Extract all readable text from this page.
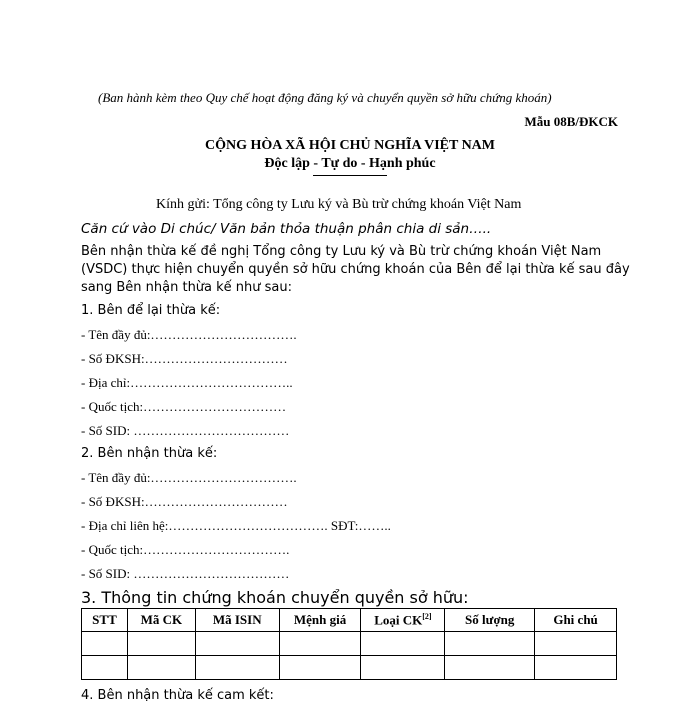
(Ban hành kèm theo Quy chế hoạt động đăng ký và chuyển quyền sở hữu chứng khoán)
Mẫu 08B/ĐKCK
CỘNG HÒA XÃ HỘI CHỦ NGHĨA VIỆT NAM
Độc lập - Tự do - Hạnh phúc
Kính gửi: Tổng công ty Lưu ký và Bù trừ chứng khoán Việt Nam
Căn cứ vào Di chúc/ Văn bản thỏa thuận phân chia di sản…..
Bên nhận thừa kế đề nghị Tổng công ty Lưu ký và Bù trừ chứng khoán Việt Nam
(VSDC) thực hiện chuyển quyền sở hữu chứng khoán của Bên để lại thừa kế sau đây
sang Bên nhận thừa kế như sau:
1. Bên để lại thừa kế:
- Tên đầy đủ:…………………………….
- Số ĐKSH:……………………………
- Địa chỉ:………………………………..
- Quốc tịch:……………………………
- Số SID: ………………………………
2. Bên nhận thừa kế:
- Tên đầy đủ:…………………………….
- Số ĐKSH:……………………………
- Địa chỉ liên hệ:………………………………. SĐT:……..
- Quốc tịch:…………………………….
- Số SID: ………………………………
3. Thông tin chứng khoán chuyển quyền sở hữu:
STT	Mã CK	Mã ISIN	Mệnh giá	Loại CK[2]	Số lượng	Ghi chú

4. Bên nhận thừa kế cam kết:
